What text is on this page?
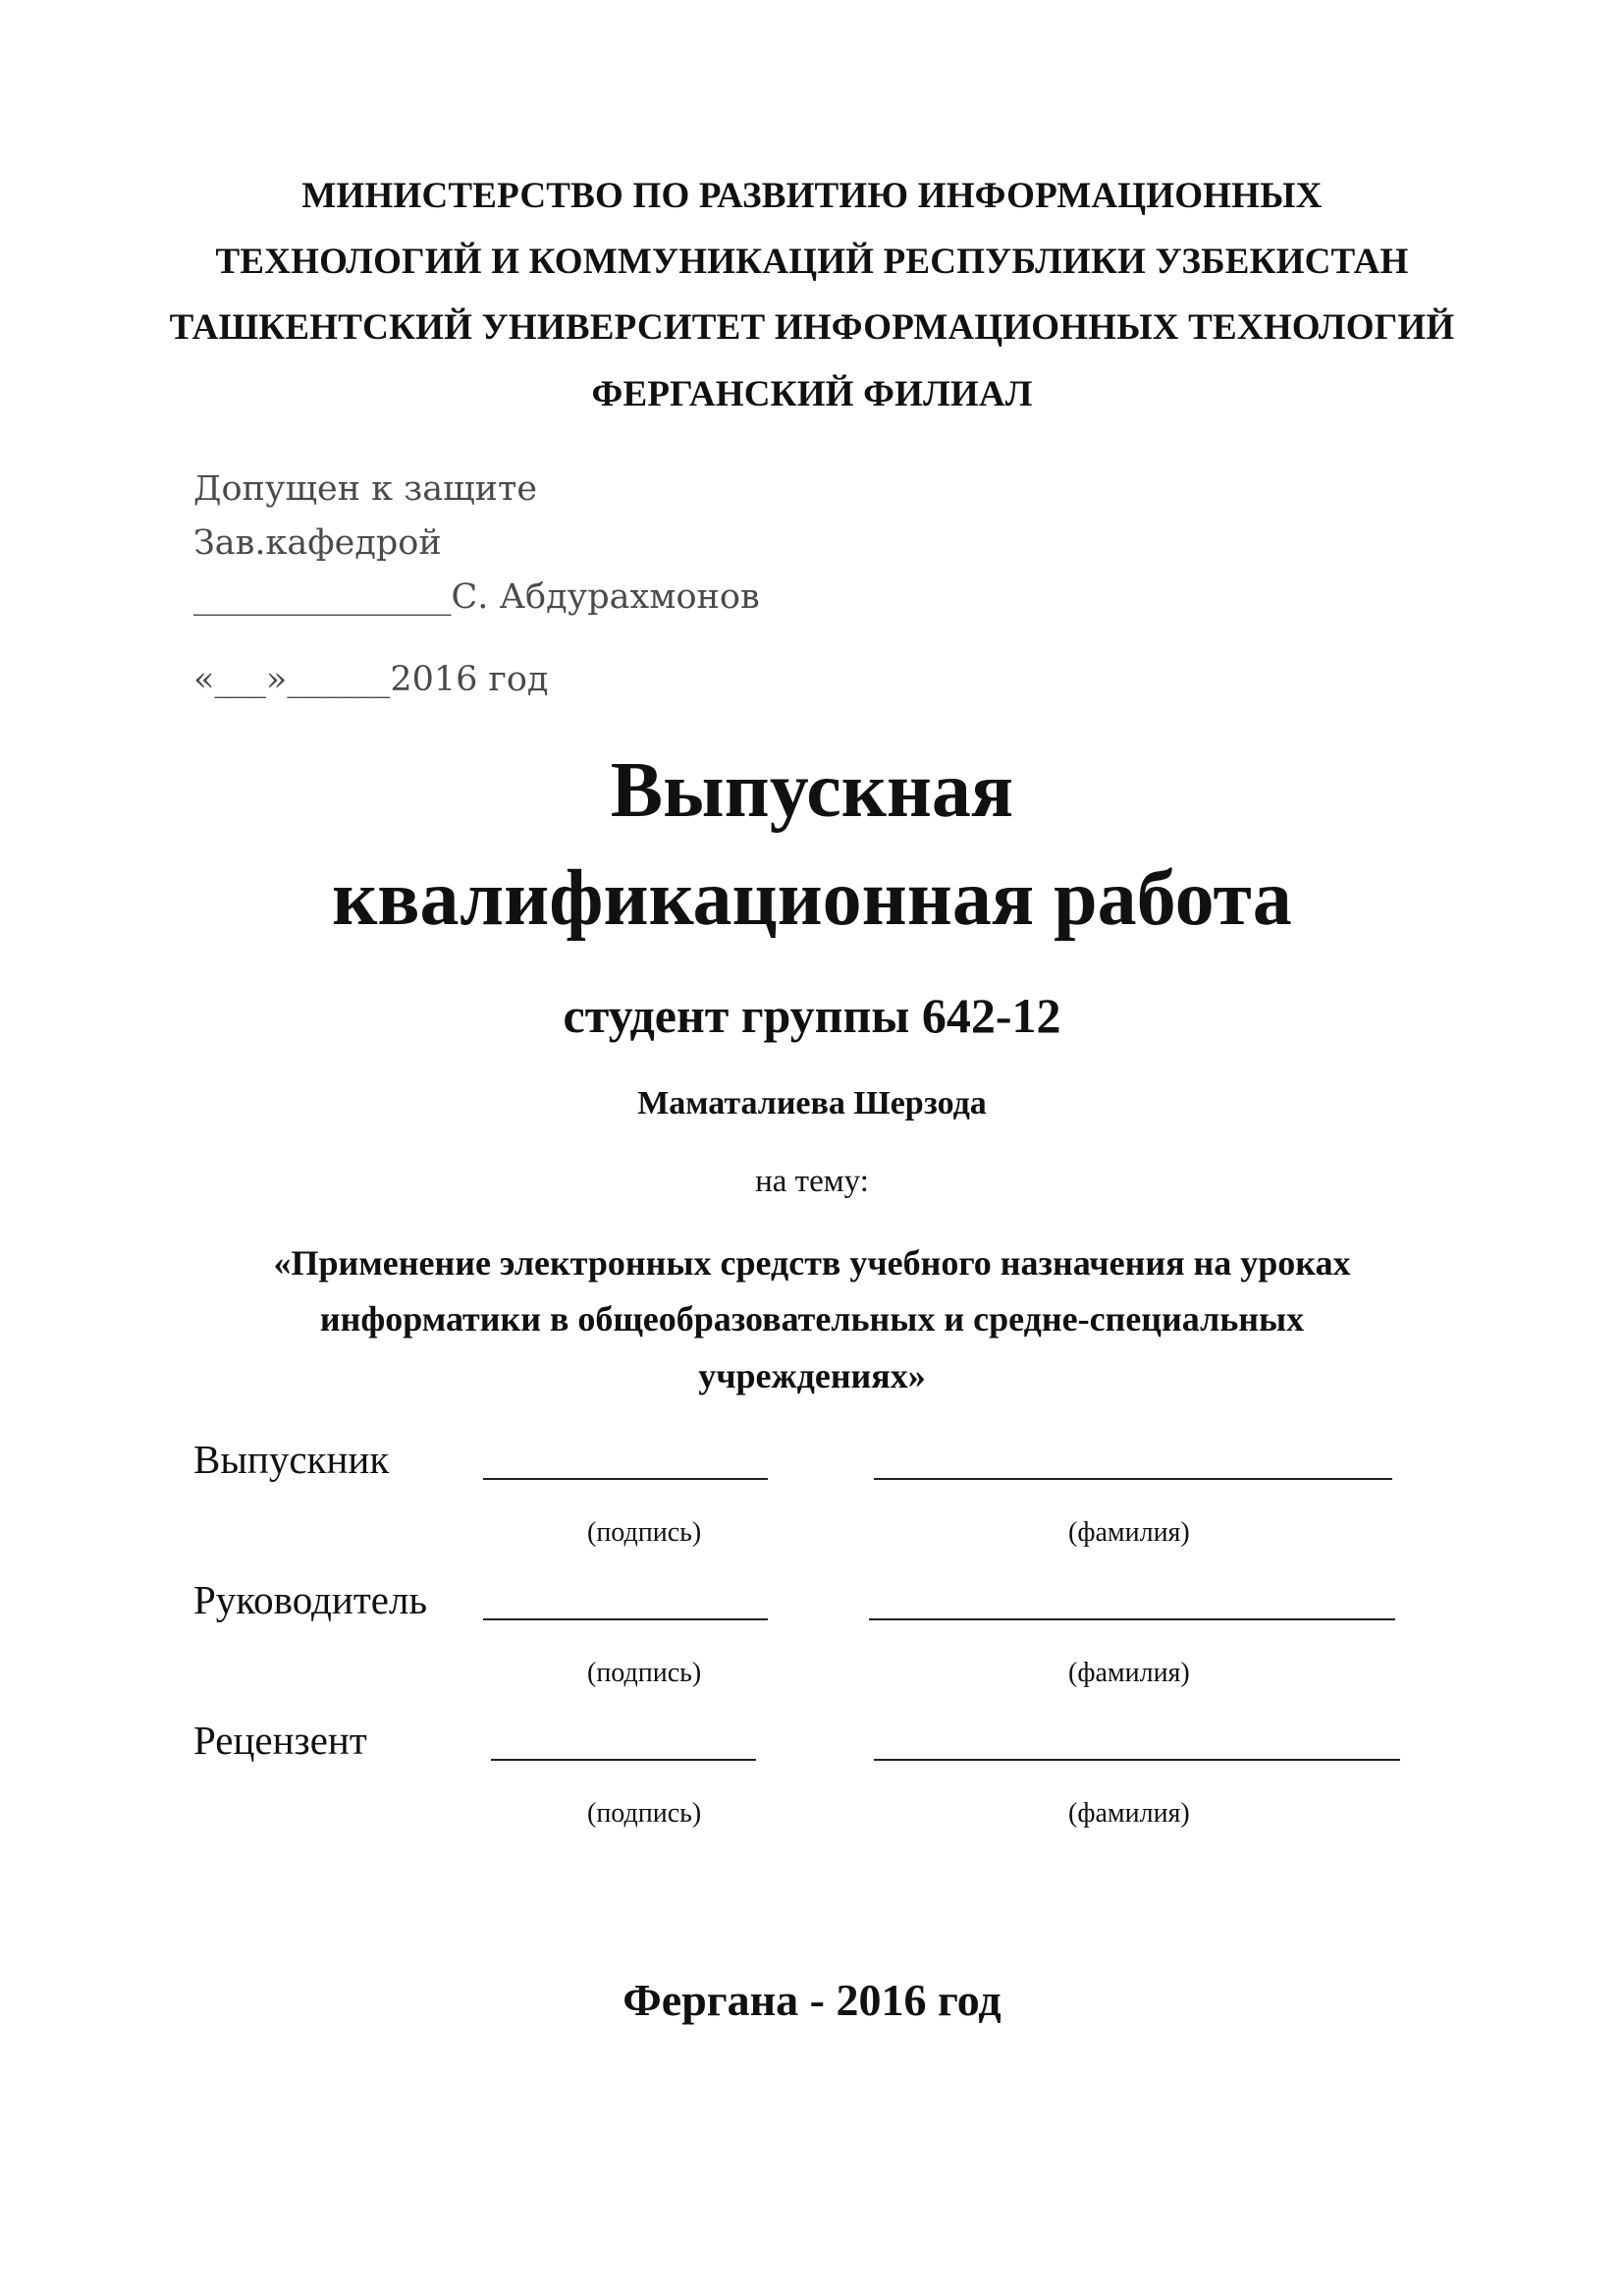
МИНИСТЕРСТВО ПО РАЗВИТИЮ ИНФОРМАЦИОННЫХ
ТЕХНОЛОГИЙ И КОММУНИКАЦИЙ РЕСПУБЛИКИ УЗБЕКИСТАН
ТАШКЕНТСКИЙ УНИВЕРСИТЕТ ИНФОРМАЦИОННЫХ ТЕХНОЛОГИЙ
ФЕРГАНСКИЙ ФИЛИАЛ
Допущен к защите
Зав.кафедрой
_______________С. Абдурахмонов
«___»______2016 год
Выпускная
квалификационная работа
студент группы 642-12
Маматалиева Шерзода
на тему:
«Применение электронных средств учебного назначения на уроках
информатики в общеобразовательных и средне-специальных
учреждениях»
Выпускник
(подпись)	(фамилия)
Руководитель
(подпись)	(фамилия)
Рецензент
(подпись)	(фамилия)
Фергана - 2016 год
